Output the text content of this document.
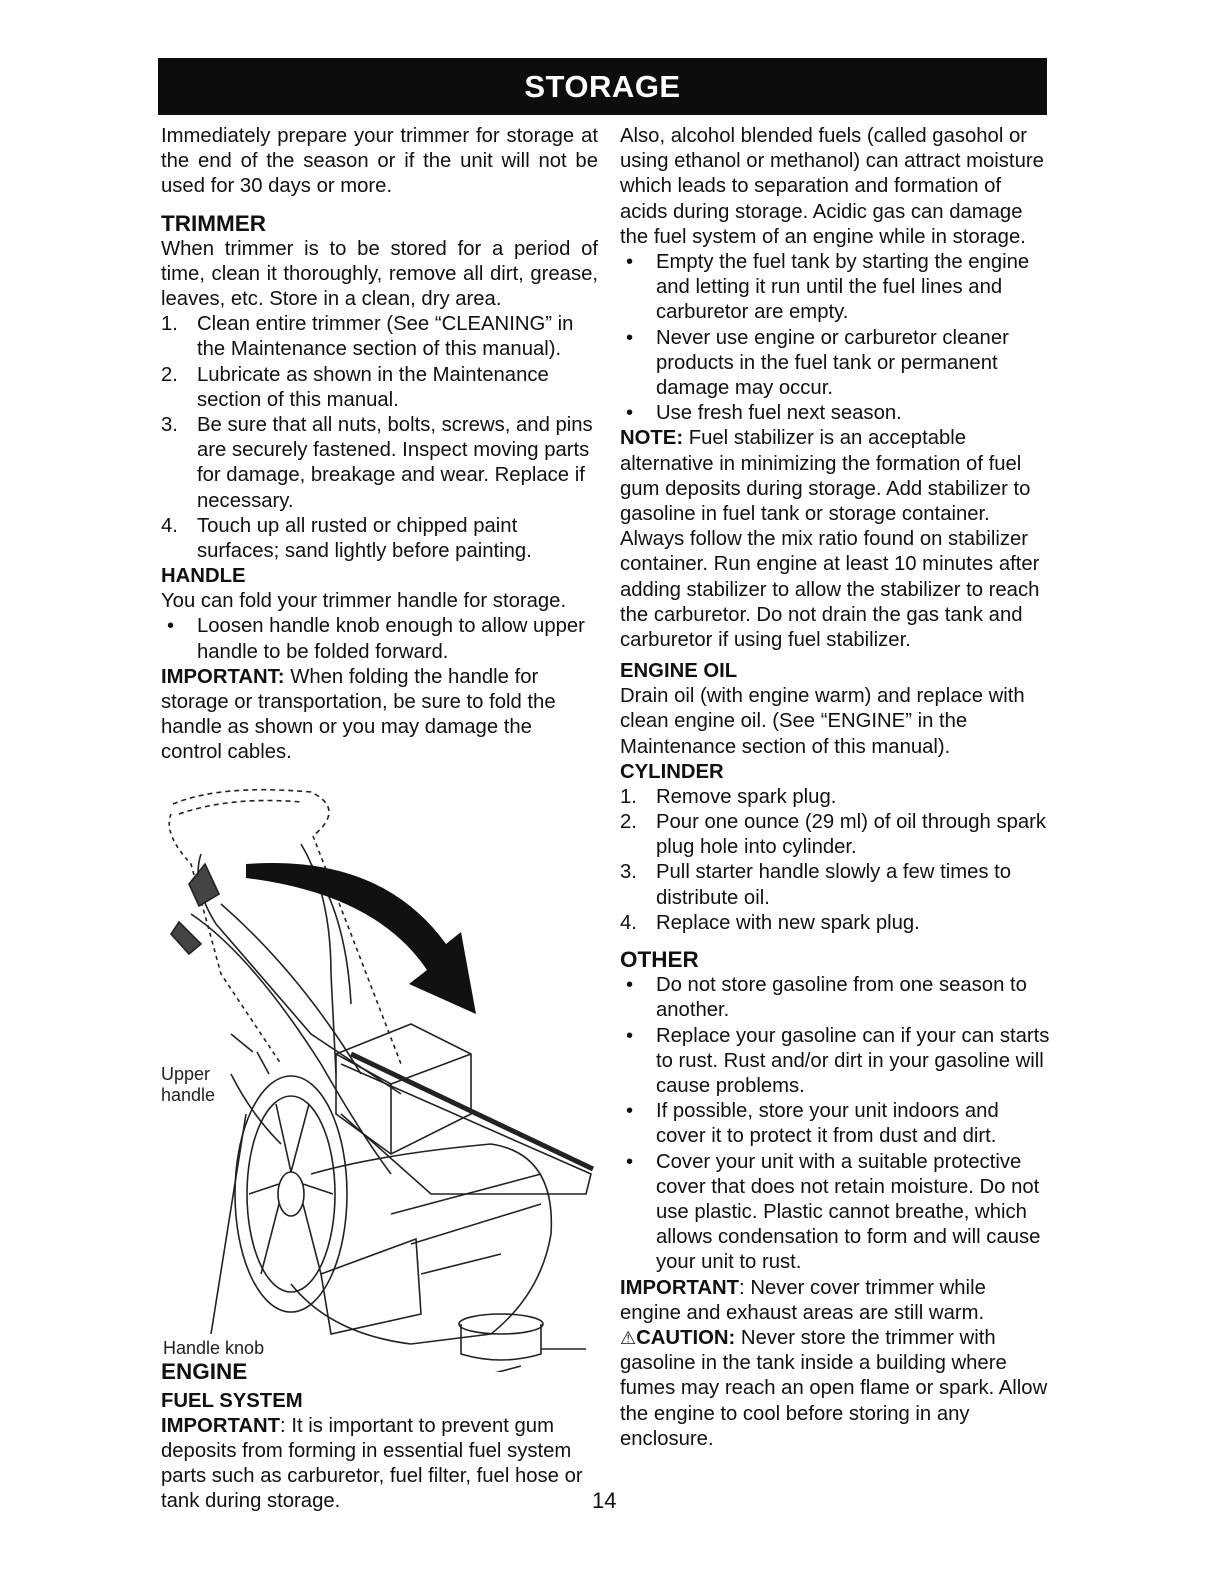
STORAGE

Immediately prepare your trimmer for storage at the end of the season or if the unit will not be used for 30 days or more.

TRIMMER

When trimmer is to be stored for a period of time, clean it thoroughly, remove all dirt, grease, leaves, etc. Store in a clean, dry area.

1. Clean entire trimmer (See “CLEANING” in the Maintenance section of this manual).
2. Lubricate as shown in the Maintenance section of this manual.
3. Be sure that all nuts, bolts, screws, and pins are securely fastened. Inspect moving parts for damage, breakage and wear. Replace if necessary.
4. Touch up all rusted or chipped paint surfaces; sand lightly before painting.
HANDLE

You can fold your trimmer handle for storage.

• Loosen handle knob enough to allow upper handle to be folded forward.

IMPORTANT: When folding the handle for storage or transportation, be sure to fold the handle as shown or you may damage the control cables.

Upper handle
Handle knob
ENGINE
FUEL SYSTEM

IMPORTANT: It is important to prevent gum deposits from forming in essential fuel system parts such as carburetor, fuel filter, fuel hose or tank during storage.

Also, alcohol blended fuels (called gasohol or using ethanol or methanol) can attract moisture which leads to separation and formation of acids during storage. Acidic gas can damage the fuel system of an engine while in storage.

• Empty the fuel tank by starting the engine and letting it run until the fuel lines and carburetor are empty.
• Never use engine or carburetor cleaner products in the fuel tank or permanent damage may occur.
• Use fresh fuel next season.

NOTE: Fuel stabilizer is an acceptable alternative in minimizing the formation of fuel gum deposits during storage. Add stabilizer to gasoline in fuel tank or storage container. Always follow the mix ratio found on stabilizer container. Run engine at least 10 minutes after adding stabilizer to allow the stabilizer to reach the carburetor. Do not drain the gas tank and carburetor if using fuel stabilizer.

ENGINE OIL

Drain oil (with engine warm) and replace with clean engine oil. (See “ENGINE” in the Maintenance section of this manual).

CYLINDER
1. Remove spark plug.
2. Pour one ounce (29 ml) of oil through spark plug hole into cylinder.
3. Pull starter handle slowly a few times to distribute oil.
4. Replace with new spark plug.
OTHER
• Do not store gasoline from one season to another.
• Replace your gasoline can if your can starts to rust. Rust and/or dirt in your gasoline will cause problems.
• If possible, store your unit indoors and cover it to protect it from dust and dirt.
• Cover your unit with a suitable protective cover that does not retain moisture. Do not use plastic. Plastic cannot breathe, which allows condensation to form and will cause your unit to rust.

IMPORTANT: Never cover trimmer while engine and exhaust areas are still warm.

⚠CAUTION: Never store the trimmer with gasoline in the tank inside a building where fumes may reach an open flame or spark. Allow the engine to cool before storing in any enclosure.

14
